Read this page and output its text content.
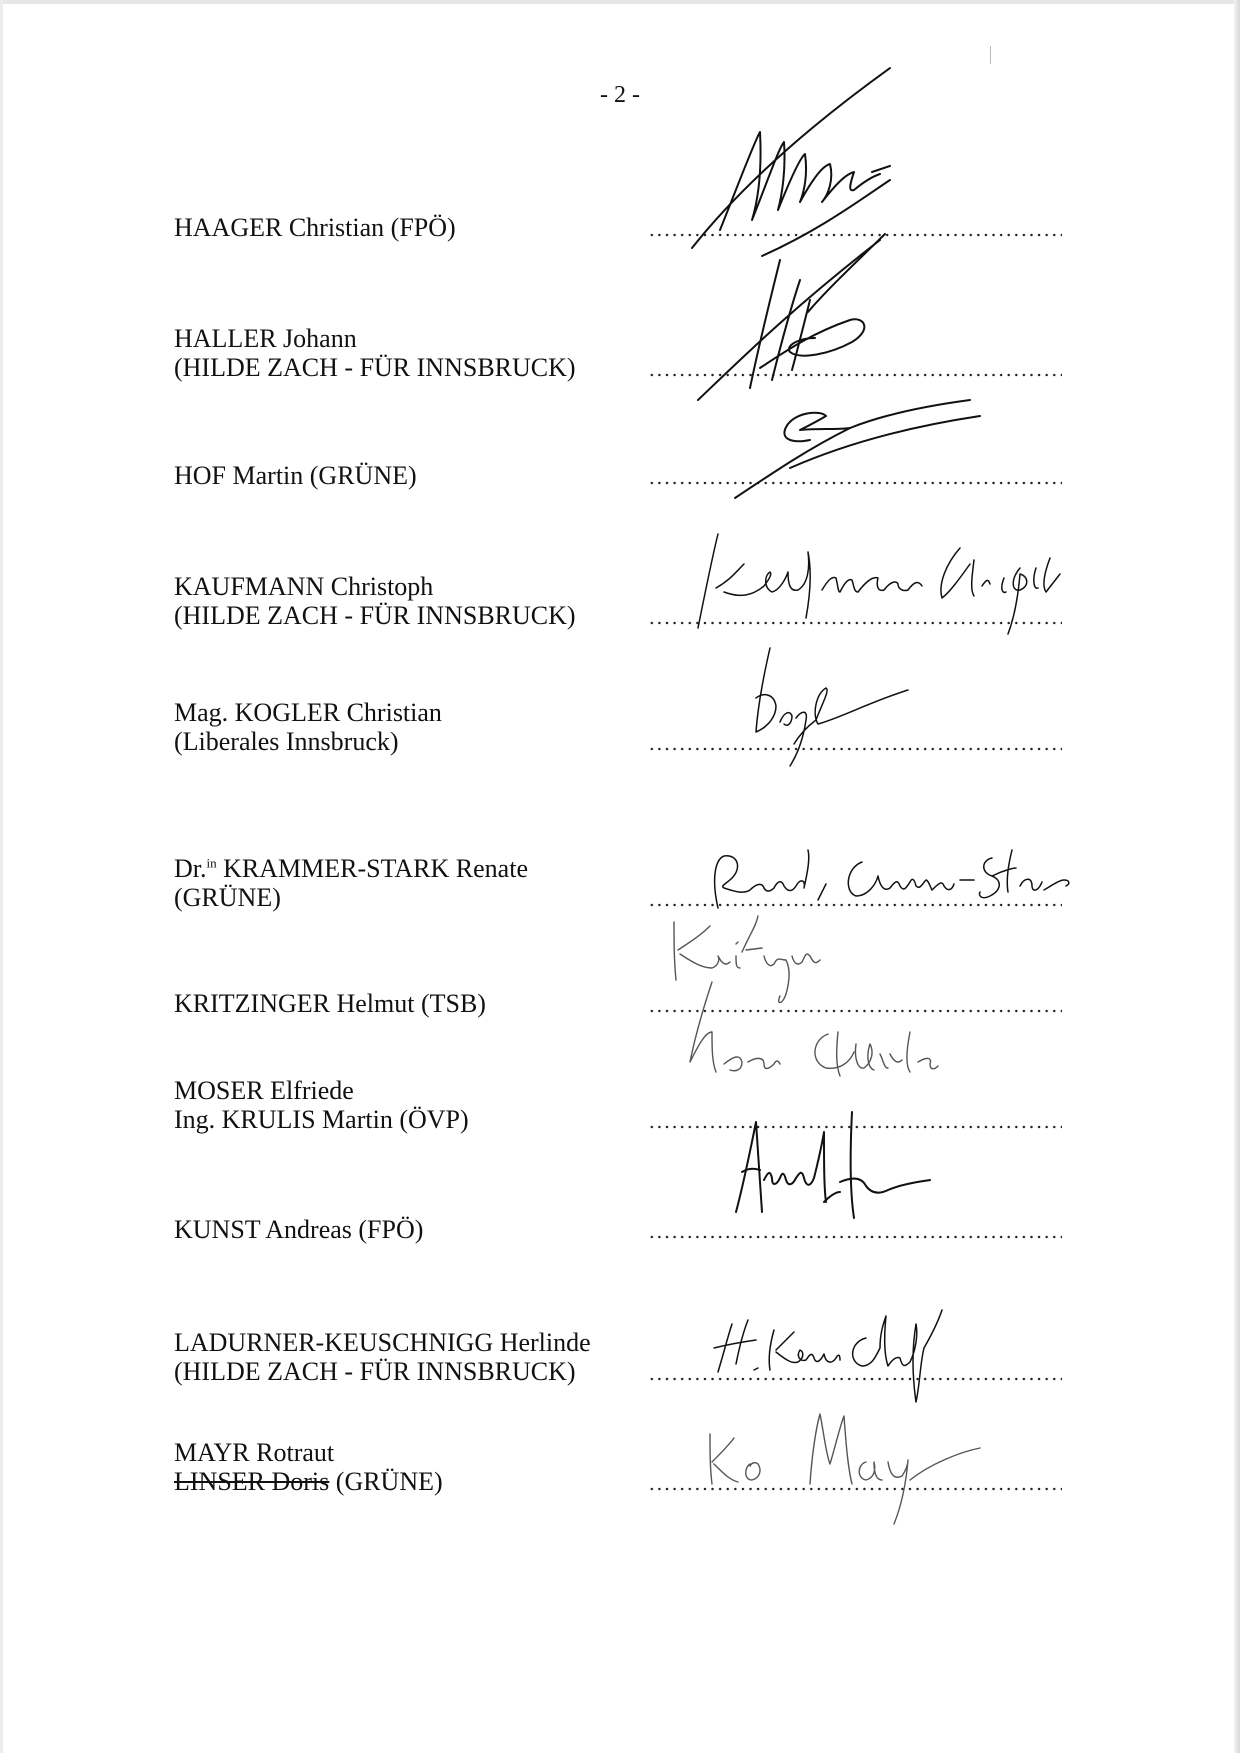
- 2 -
HAAGER Christian (FPÖ)
HALLER Johann
(HILDE ZACH - FÜR INNSBRUCK)
HOF Martin (GRÜNE)
KAUFMANN Christoph
(HILDE ZACH - FÜR INNSBRUCK)
Mag. KOGLER Christian
(Liberales Innsbruck)
Dr.$^{in}$ KRAMMER-STARK Renate
(GRÜNE)
KRITZINGER Helmut (TSB)
MOSER Elfriede
Ing. KRULIS Martin (ÖVP)
KUNST Andreas (FPÖ)
LADURNER-KEUSCHNIGG Herlinde
(HILDE ZACH - FÜR INNSBRUCK)
MAYR Rotraut
LINSER Doris (GRÜNE)
